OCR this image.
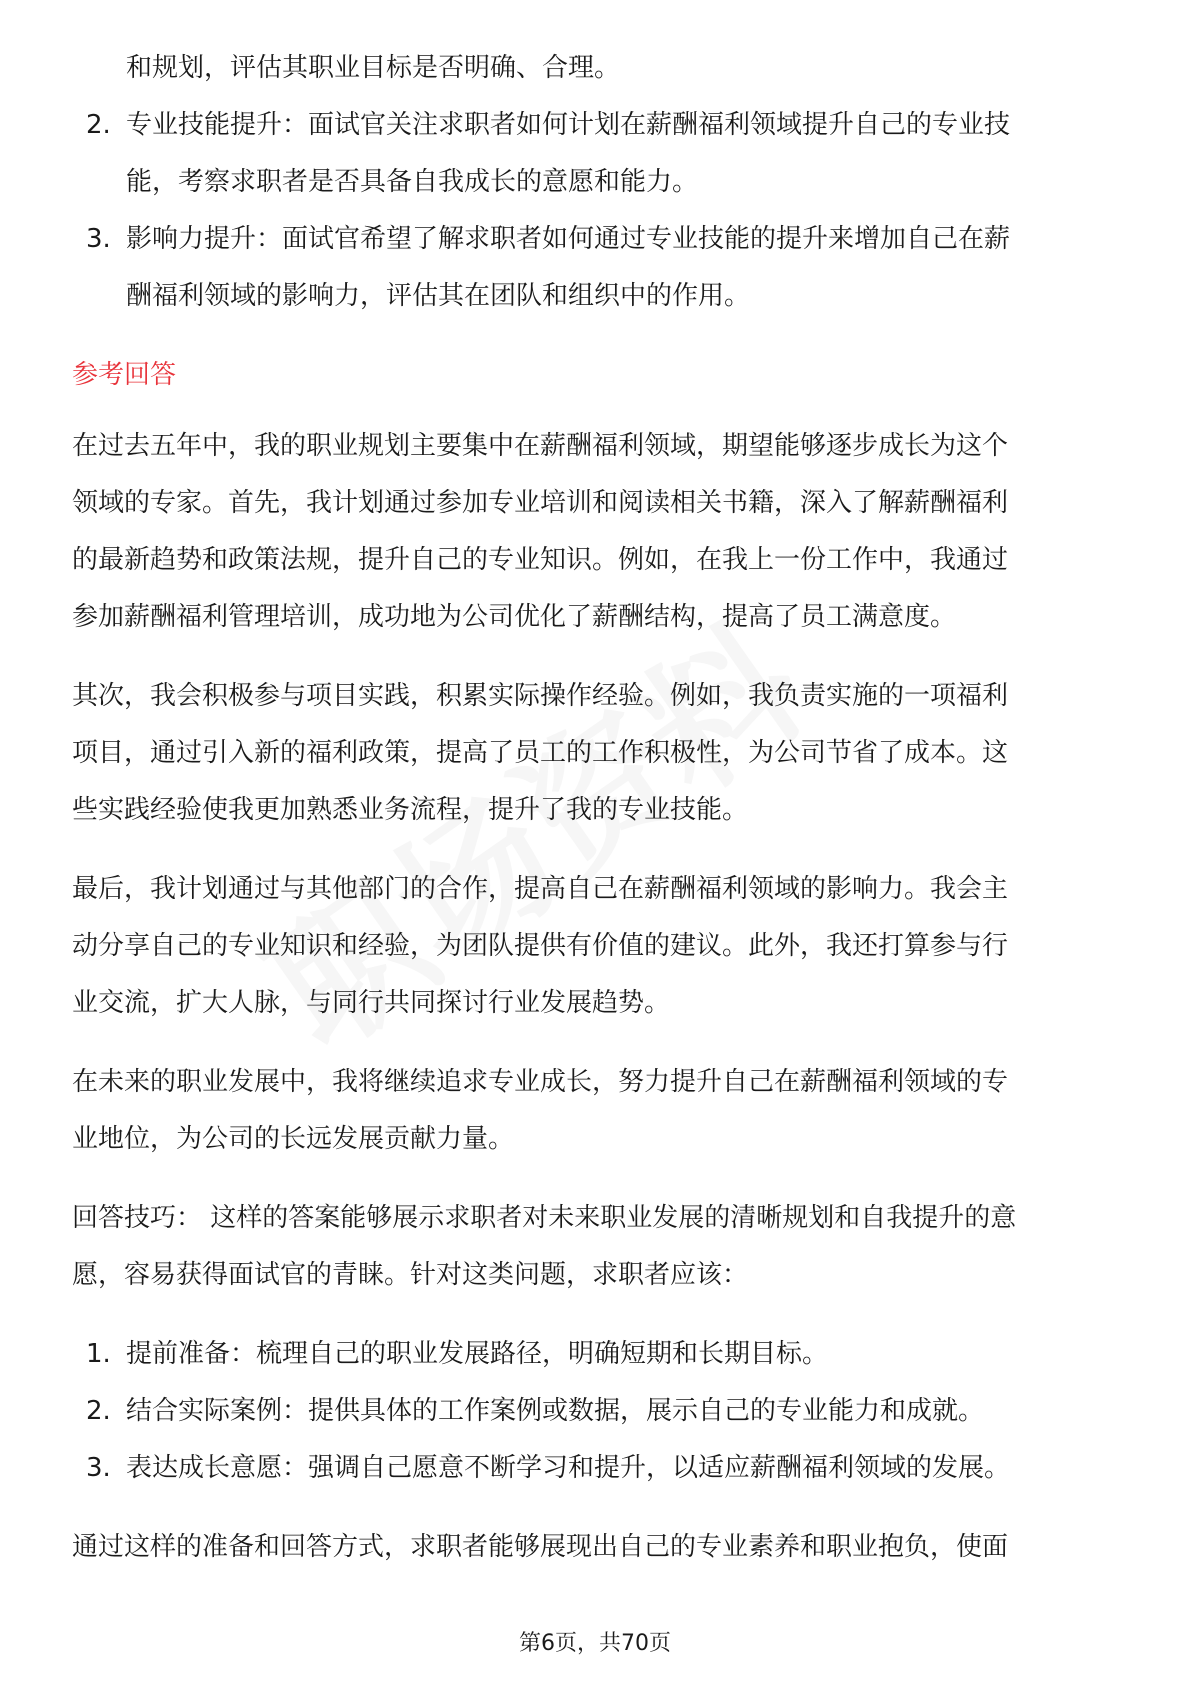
和规划，评估其职业目标是否明确、合理。

2. 专业技能提升：面试官关注求职者如何计划在薪酬福利领域提升自己的专业技
能，考察求职者是否具备自我成长的意愿和能力。
3. 影响力提升：面试官希望了解求职者如何通过专业技能的提升来增加自己在薪
酬福利领域的影响力，评估其在团队和组织中的作用。

参考回答

在过去五年中，我的职业规划主要集中在薪酬福利领域，期望能够逐步成长为这个
领域的专家。首先，我计划通过参加专业培训和阅读相关书籍，深入了解薪酬福利
的最新趋势和政策法规，提升自己的专业知识。例如，在我上一份工作中，我通过
参加薪酬福利管理培训，成功地为公司优化了薪酬结构，提高了员工满意度。
其次，我会积极参与项目实践，积累实际操作经验。例如，我负责实施的一项福利
项目，通过引入新的福利政策，提高了员工的工作积极性，为公司节省了成本。这
些实践经验使我更加熟悉业务流程，提升了我的专业技能。
最后，我计划通过与其他部门的合作，提高自己在薪酬福利领域的影响力。我会主
动分享自己的专业知识和经验，为团队提供有价值的建议。此外，我还打算参与行
业交流，扩大人脉，与同行共同探讨行业发展趋势。
在未来的职业发展中，我将继续追求专业成长，努力提升自己在薪酬福利领域的专
业地位，为公司的长远发展贡献力量。
回答技巧： 这样的答案能够展示求职者对未来职业发展的清晰规划和自我提升的意
愿，容易获得面试官的青睐。针对这类问题，求职者应该：
1. 提前准备：梳理自己的职业发展路径，明确短期和长期目标。
2. 结合实际案例：提供具体的工作案例或数据，展示自己的专业能力和成就。
3. 表达成长意愿：强调自己愿意不断学习和提升，以适应薪酬福利领域的发展。

通过这样的准备和回答方式，求职者能够展现出自己的专业素养和职业抱负，使面

第6页，共70页
